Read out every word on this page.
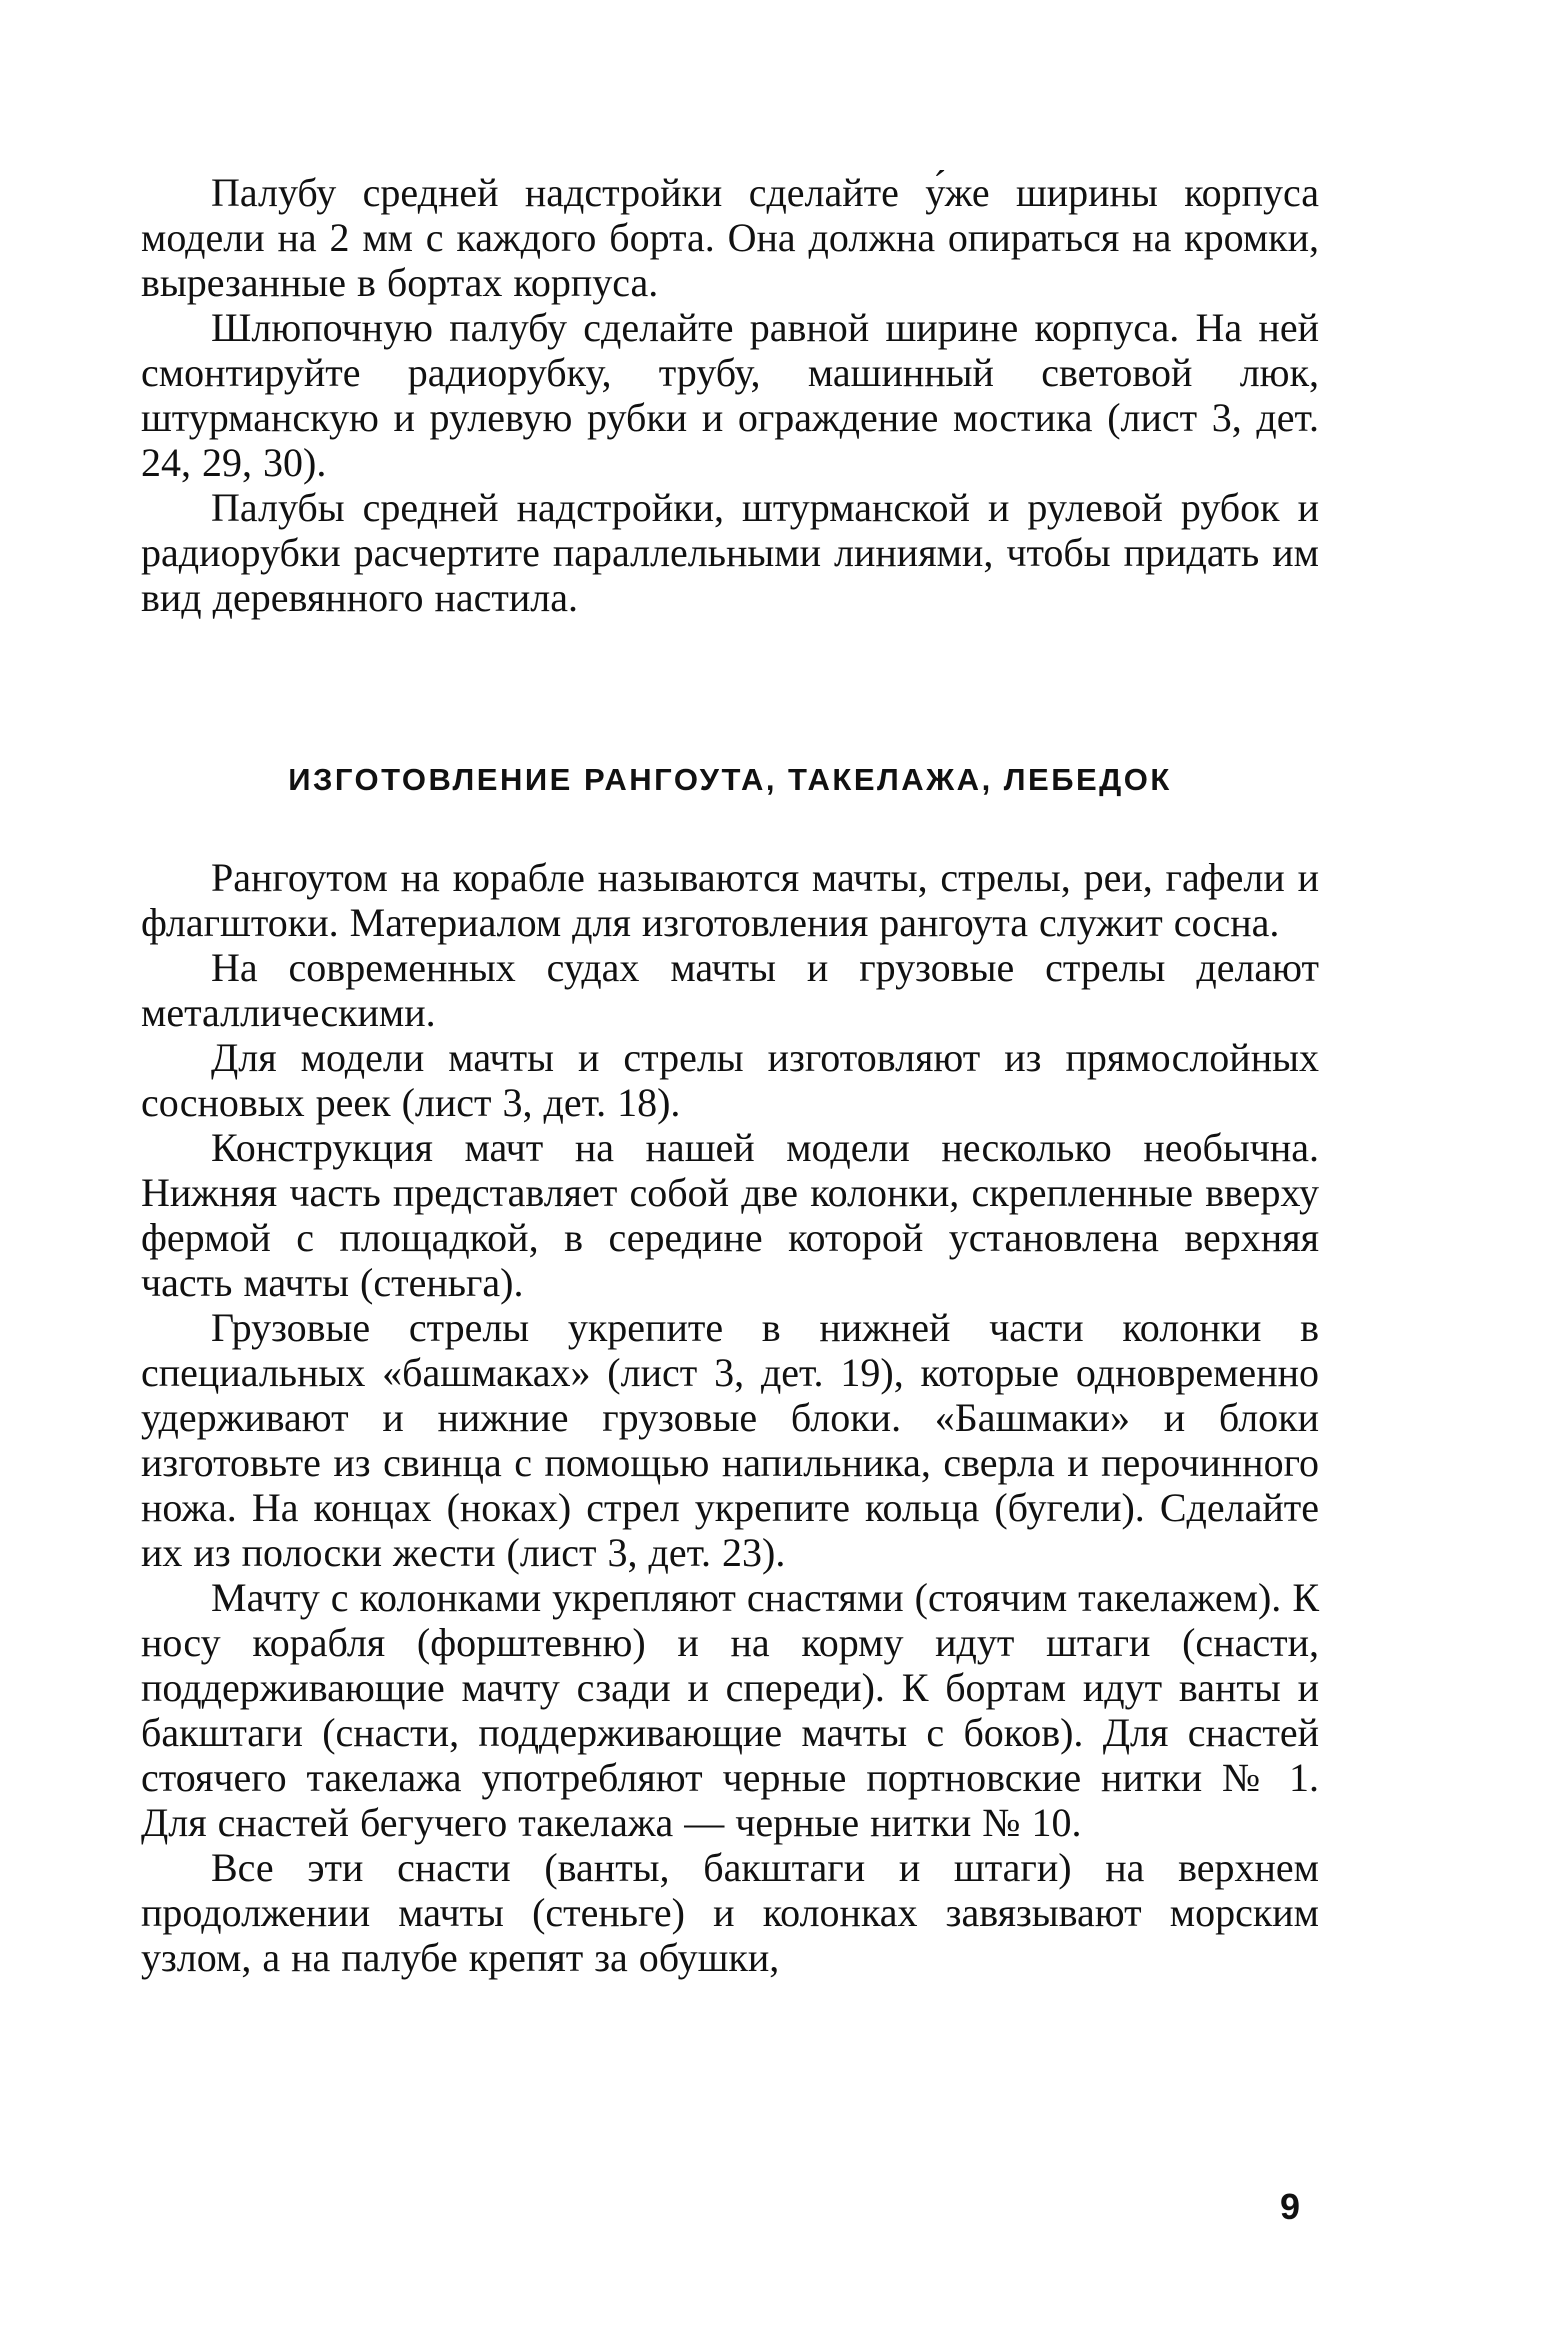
Палубу средней надстройки сделайте у́же ширины корпуса модели на 2 мм с каждого борта. Она должна опираться на кромки, вырезанные в бортах корпуса.

Шлюпочную палубу сделайте равной ширине корпуса. На ней смонтируйте радиорубку, трубу, машинный световой люк, штурманскую и рулевую рубки и ограждение мостика (лист 3, дет. 24, 29, 30).

Палубы средней надстройки, штурманской и рулевой рубок и радиорубки расчертите параллельными линиями, чтобы придать им вид деревянного настила.

ИЗГОТОВЛЕНИЕ РАНГОУТА, ТАКЕЛАЖА, ЛЕБЕДОК

Рангоутом на корабле называются мачты, стрелы, реи, гафели и флагштоки. Материалом для изготовления рангоута служит сосна.

На современных судах мачты и грузовые стрелы делают металлическими.

Для модели мачты и стрелы изготовляют из прямослойных сосновых реек (лист 3, дет. 18).

Конструкция мачт на нашей модели несколько необычна. Нижняя часть представляет собой две колонки, скрепленные вверху фермой с площадкой, в середине которой установлена верхняя часть мачты (стеньга).

Грузовые стрелы укрепите в нижней части колонки в специальных «башмаках» (лист 3, дет. 19), которые одновременно удерживают и нижние грузовые блоки. «Башмаки» и блоки изготовьте из свинца с помощью напильника, сверла и перочинного ножа. На концах (ноках) стрел укрепите кольца (бугели). Сделайте их из полоски жести (лист 3, дет. 23).

Мачту с колонками укрепляют снастями (стоячим такелажем). К носу корабля (форштевню) и на корму идут штаги (снасти, поддерживающие мачту сзади и спереди). К бортам идут ванты и бакштаги (снасти, поддерживающие мачты с боков). Для снастей стоячего такелажа употребляют черные портновские нитки № 1. Для снастей бегучего такелажа — черные нитки № 10.

Все эти снасти (ванты, бакштаги и штаги) на верхнем продолжении мачты (стеньге) и колонках завязывают морским узлом, а на палубе крепят за обушки,

9
